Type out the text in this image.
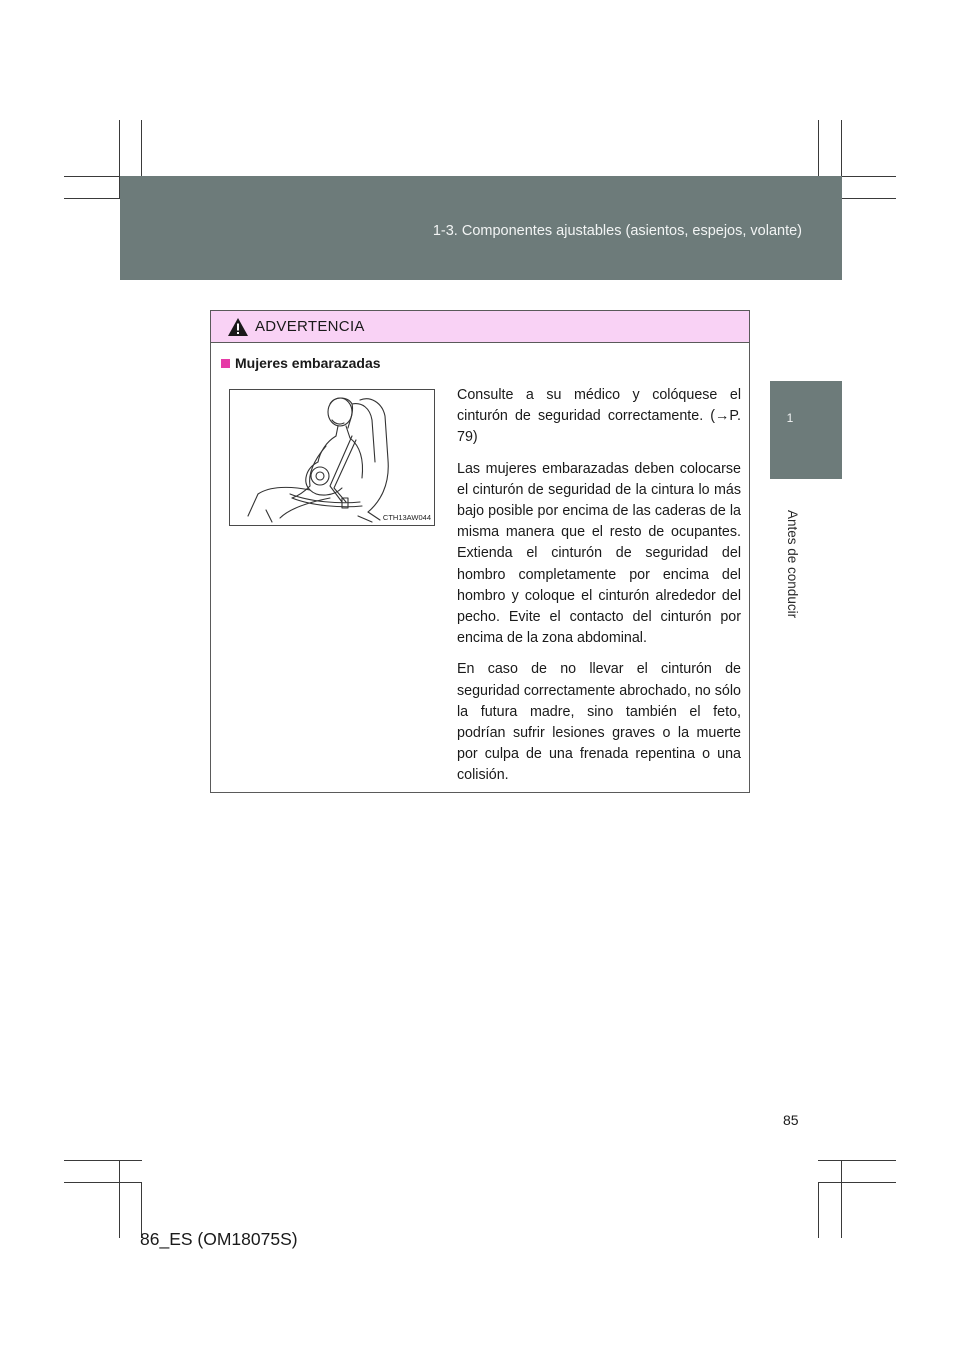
1-3. Componentes ajustables (asientos, espejos, volante)
1
Antes de conducir
ADVERTENCIA
Mujeres embarazadas
CTH13AW044

Consulte a su médico y colóquese el cinturón de seguridad correctamente. (→P. 79)

Las mujeres embarazadas deben colocarse el cinturón de seguridad de la cintura lo más bajo posible por encima de las caderas de la misma manera que el resto de ocupantes. Extienda el cinturón de seguridad del hombro completamente por encima del hombro y coloque el cinturón alrededor del pecho. Evite el contacto del cinturón por encima de la zona abdominal.

En caso de no llevar el cinturón de seguridad correctamente abrochado, no sólo la futura madre, sino también el feto, podrían sufrir lesiones graves o la muerte por culpa de una frenada repentina o una colisión.

85
86_ES (OM18075S)
